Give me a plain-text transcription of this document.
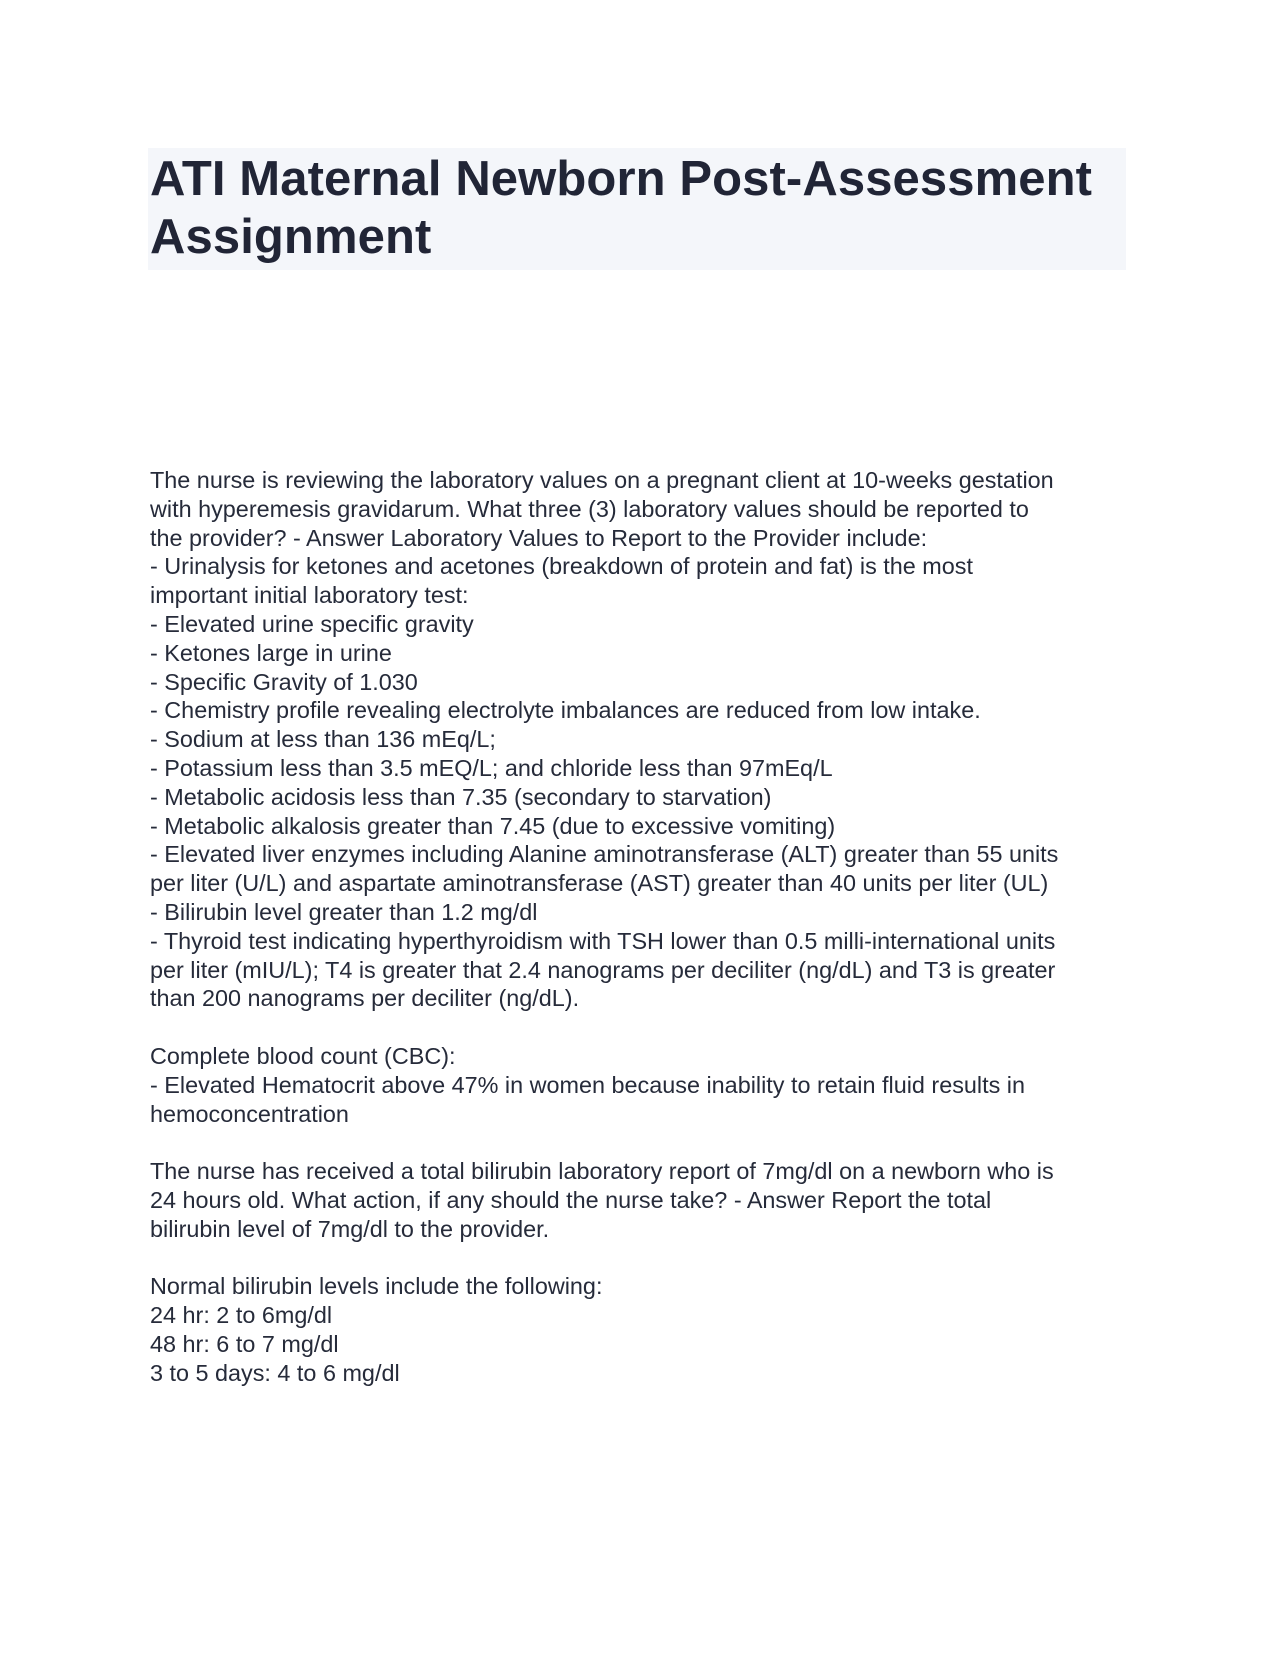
ATI Maternal Newborn Post-Assessment Assignment
The nurse is reviewing the laboratory values on a pregnant client at 10-weeks gestation
with hyperemesis gravidarum. What three (3) laboratory values should be reported to
the provider? - Answer Laboratory Values to Report to the Provider include:
- Urinalysis for ketones and acetones (breakdown of protein and fat) is the most
important initial laboratory test:
- Elevated urine specific gravity
- Ketones large in urine
- Specific Gravity of 1.030
- Chemistry profile revealing electrolyte imbalances are reduced from low intake.
- Sodium at less than 136 mEq/L;
- Potassium less than 3.5 mEQ/L; and chloride less than 97mEq/L
- Metabolic acidosis less than 7.35 (secondary to starvation)
- Metabolic alkalosis greater than 7.45 (due to excessive vomiting)
- Elevated liver enzymes including Alanine aminotransferase (ALT) greater than 55 units
per liter (U/L) and aspartate aminotransferase (AST) greater than 40 units per liter (UL)
- Bilirubin level greater than 1.2 mg/dl
- Thyroid test indicating hyperthyroidism with TSH lower than 0.5 milli-international units
per liter (mIU/L); T4 is greater that 2.4 nanograms per deciliter (ng/dL) and T3 is greater
than 200 nanograms per deciliter (ng/dL).
Complete blood count (CBC):
- Elevated Hematocrit above 47% in women because inability to retain fluid results in
hemoconcentration
The nurse has received a total bilirubin laboratory report of 7mg/dl on a newborn who is
24 hours old. What action, if any should the nurse take? - Answer Report the total
bilirubin level of 7mg/dl to the provider.
Normal bilirubin levels include the following:
24 hr: 2 to 6mg/dl
48 hr: 6 to 7 mg/dl
3 to 5 days: 4 to 6 mg/dl
